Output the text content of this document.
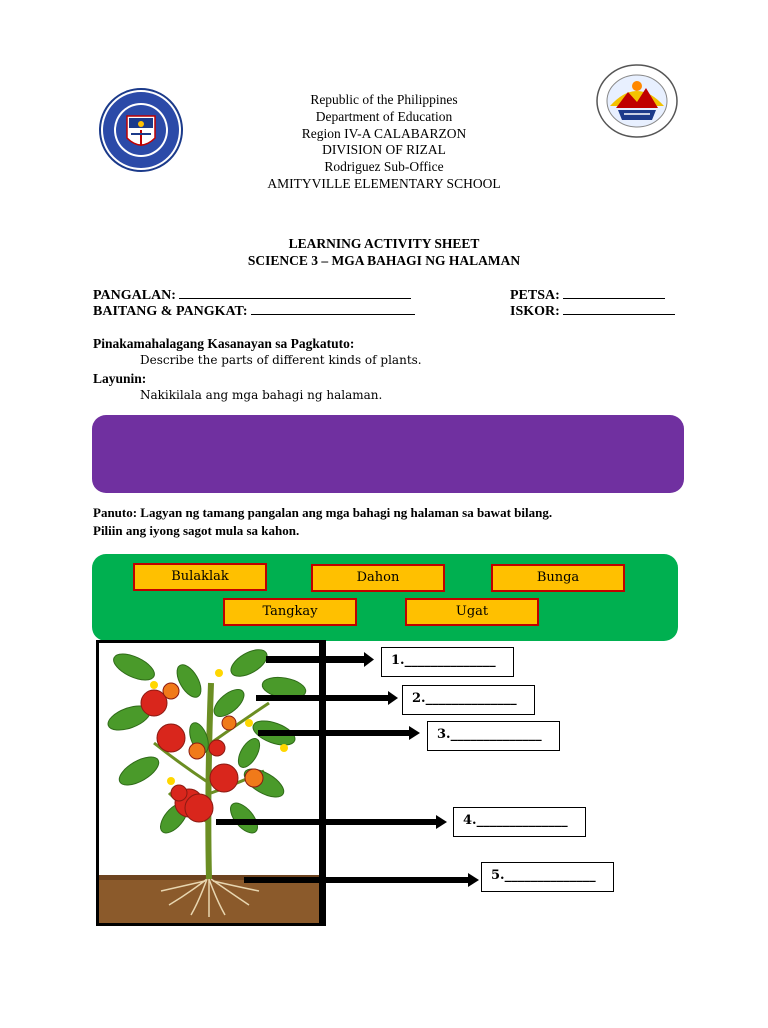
Republic of the Philippines
Department of Education
Region IV-A CALABARZON
DIVISION OF RIZAL
Rodriguez Sub-Office
AMITYVILLE ELEMENTARY SCHOOL
LEARNING ACTIVITY SHEET
SCIENCE 3 – MGA BAHAGI NG HALAMAN
PANGALAN:	PETSA:
BAITANG & PANGKAT:	ISKOR:
Pinakamahalagang Kasanayan sa Pagkatuto:
Describe the parts of different kinds of plants.
Layunin:
Nakikilala ang mga bahagi ng halaman.
Panuto: Lagyan ng tamang pangalan ang mga bahagi ng halaman sa bawat bilang.
Piliin ang iyong sagot mula sa kahon.
Bulaklak	Dahon	Bunga
Tangkay	Ugat
1.______________
2.______________
3.______________
4.______________
5.______________
